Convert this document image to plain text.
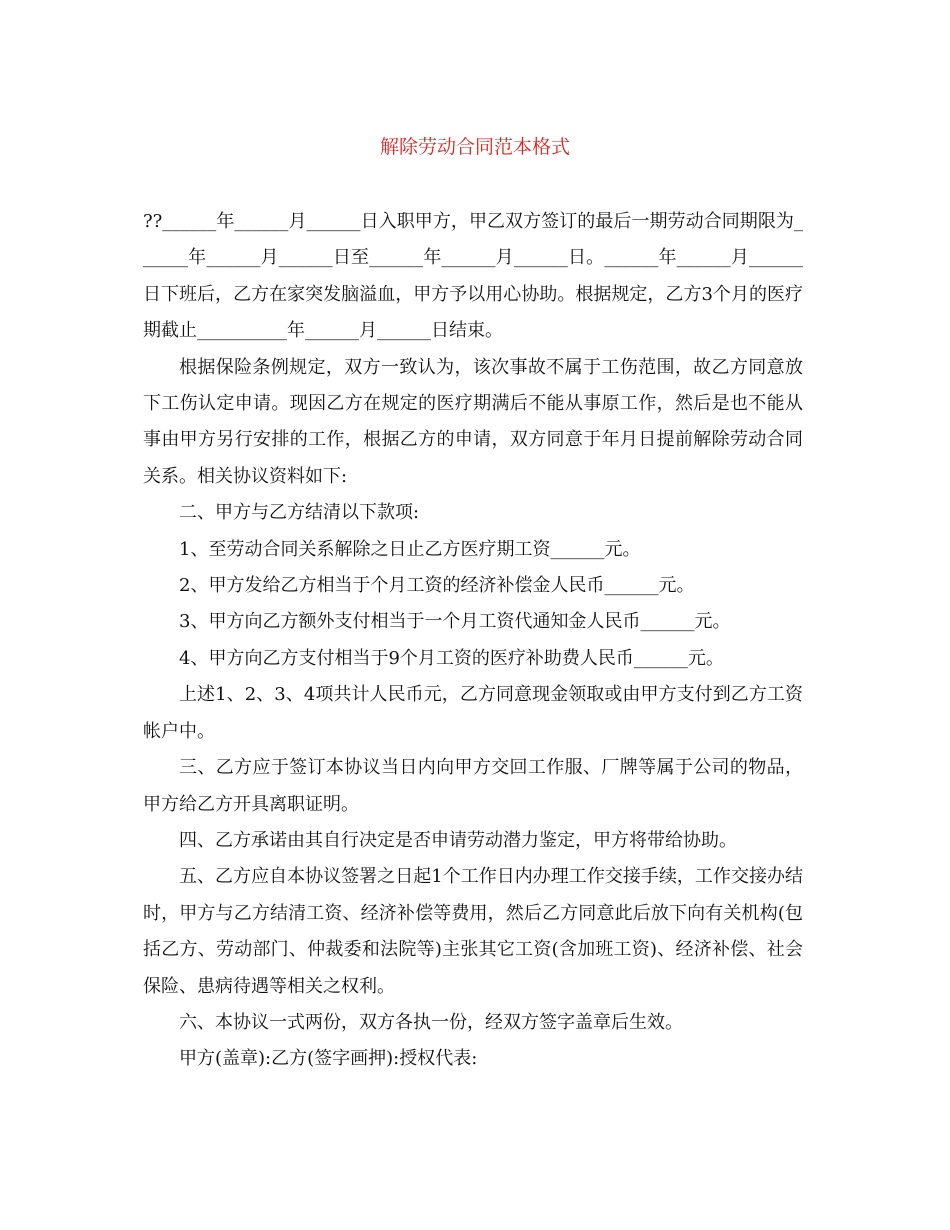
解除劳动合同范本格式

??______年______月______日入职甲方，甲乙双方签订的最后一期劳动合同期限为______年______月______日至______年______月______日。______年______月______日下班后，乙方在家突发脑溢血，甲方予以用心协助。根据规定，乙方3个月的医疗期截止__________年______月______日结束。

根据保险条例规定，双方一致认为，该次事故不属于工伤范围，故乙方同意放下工伤认定申请。现因乙方在规定的医疗期满后不能从事原工作，然后是也不能从事由甲方另行安排的工作，根据乙方的申请，双方同意于年月日提前解除劳动合同关系。相关协议资料如下:

二、甲方与乙方结清以下款项:

1、至劳动合同关系解除之日止乙方医疗期工资______元。

2、甲方发给乙方相当于个月工资的经济补偿金人民币______元。

3、甲方向乙方额外支付相当于一个月工资代通知金人民币______元。

4、甲方向乙方支付相当于9个月工资的医疗补助费人民币______元。

上述1、2、3、4项共计人民币元，乙方同意现金领取或由甲方支付到乙方工资帐户中。

三、乙方应于签订本协议当日内向甲方交回工作服、厂牌等属于公司的物品，甲方给乙方开具离职证明。

四、乙方承诺由其自行决定是否申请劳动潜力鉴定，甲方将带给协助。

五、乙方应自本协议签署之日起1个工作日内办理工作交接手续，工作交接办结时，甲方与乙方结清工资、经济补偿等费用，然后乙方同意此后放下向有关机构(包括乙方、劳动部门、仲裁委和法院等)主张其它工资(含加班工资)、经济补偿、社会保险、患病待遇等相关之权利。

六、本协议一式两份，双方各执一份，经双方签字盖章后生效。

甲方(盖章):乙方(签字画押):授权代表:
